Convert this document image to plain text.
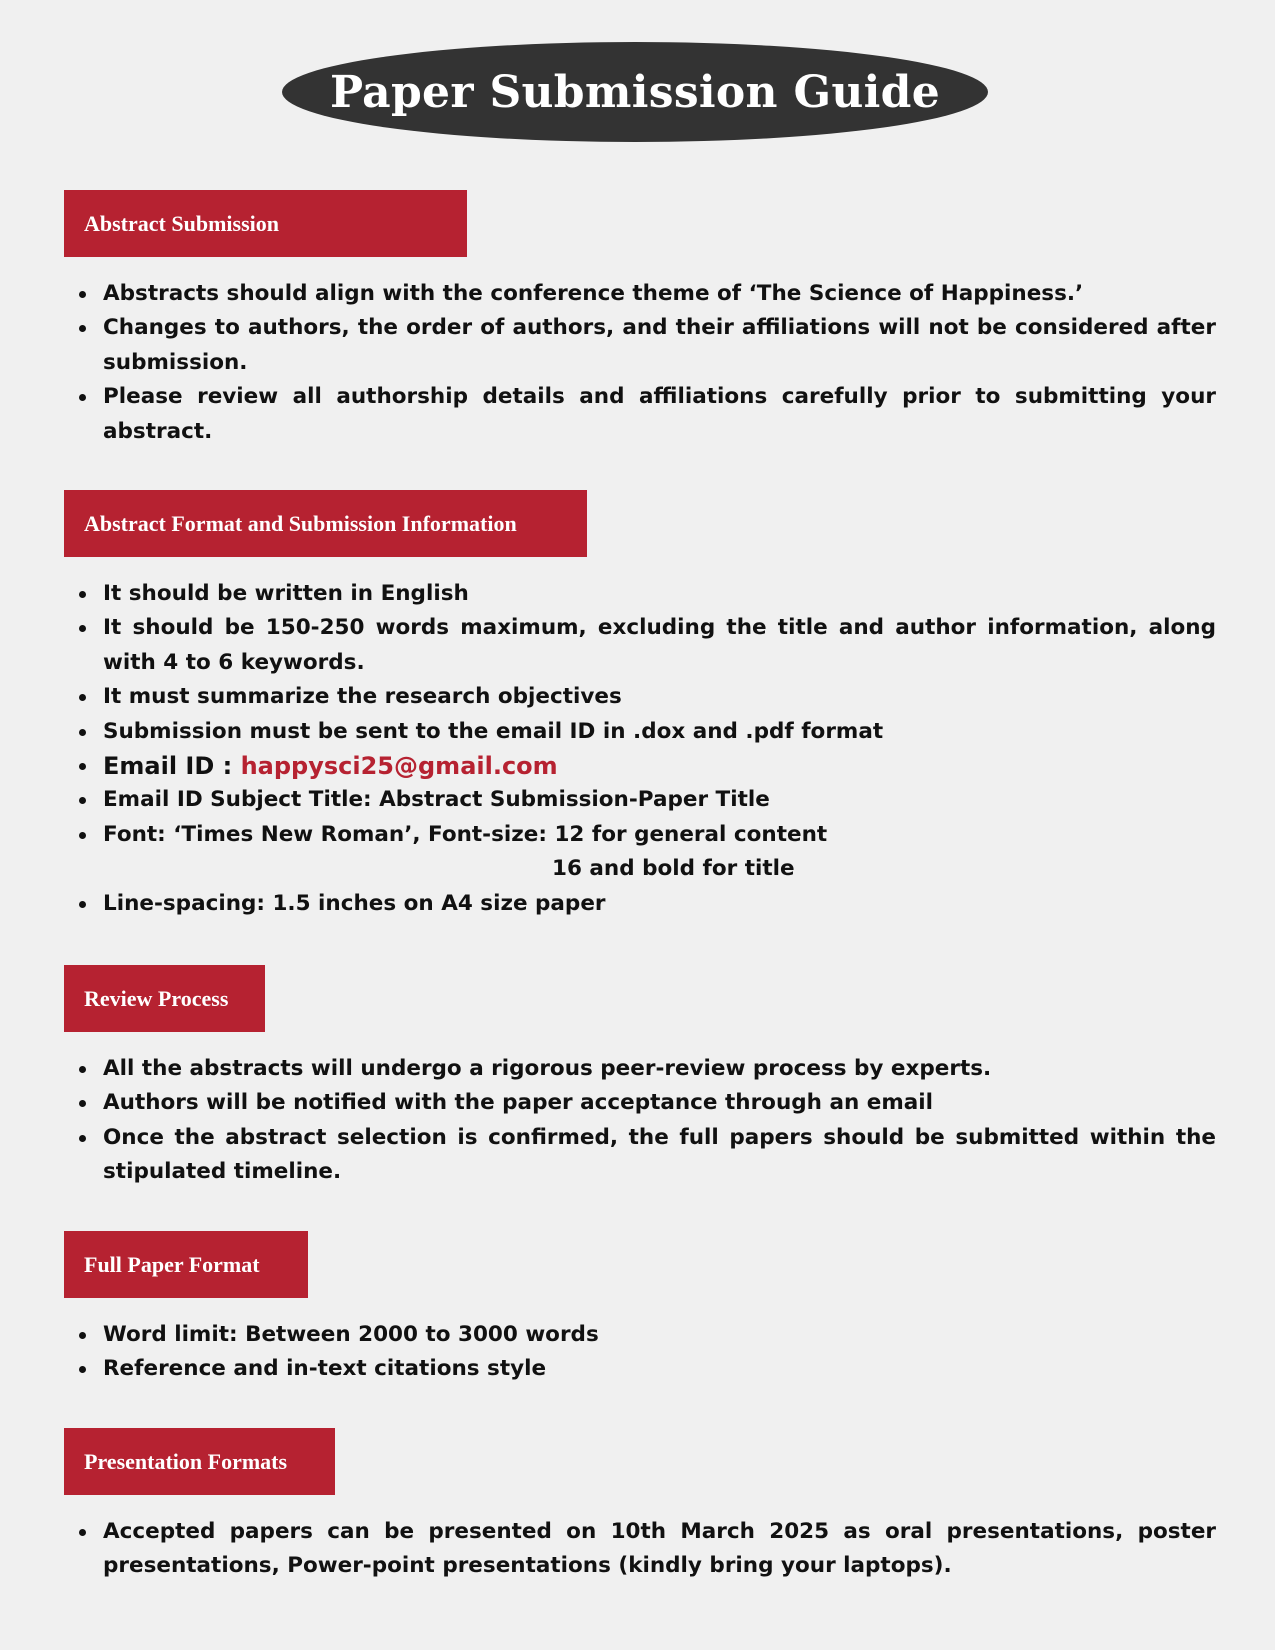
Paper Submission Guide
Abstract Submission
Abstracts should align with the conference theme of ‘The Science of Happiness.’
Changes to authors, the order of authors, and their affiliations will not be considered after submission.
Please review all authorship details and affiliations carefully prior to submitting your abstract.
Abstract Format and Submission Information
It should be written in English
It should be 150-250 words maximum, excluding the title and author information, along with 4 to 6 keywords.
It must summarize the research objectives
Submission must be sent to the email ID in .dox and .pdf format
Email ID : happysci25@gmail.com
Email ID Subject Title: Abstract Submission-Paper Title
Font: ‘Times New Roman’, Font-size: 12 for general content
16 and bold for title
Line-spacing: 1.5 inches on A4 size paper
Review Process
All the abstracts will undergo a rigorous peer-review process by experts.
Authors will be notified with the paper acceptance through an email
Once the abstract selection is confirmed, the full papers should be submitted within the stipulated timeline.
Full Paper Format
Word limit: Between 2000 to 3000 words
Reference and in-text citations style
Presentation Formats
Accepted papers can be presented on 10th March 2025 as oral presentations, poster presentations, Power-point presentations (kindly bring your laptops).
